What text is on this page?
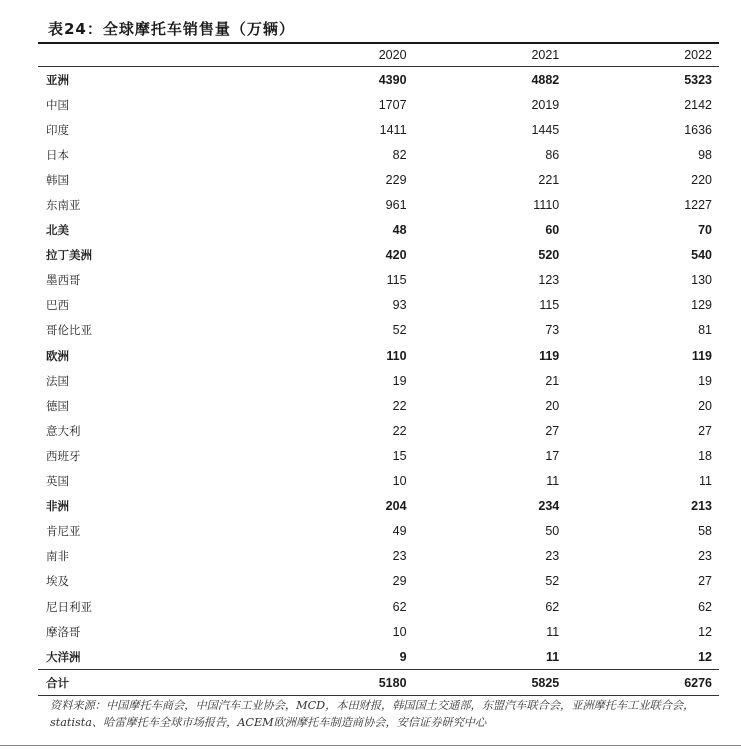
表24：全球摩托车销售量（万辆）
	2020	2021	2022
亚洲	4390	4882	5323
中国	1707	2019	2142
印度	1411	1445	1636
日本	82	86	98
韩国	229	221	220
东南亚	961	1110	1227
北美	48	60	70
拉丁美洲	420	520	540
墨西哥	115	123	130
巴西	93	115	129
哥伦比亚	52	73	81
欧洲	110	119	119
法国	19	21	19
德国	22	20	20
意大利	22	27	27
西班牙	15	17	18
英国	10	11	11
非洲	204	234	213
肯尼亚	49	50	58
南非	23	23	23
埃及	29	52	27
尼日利亚	62	62	62
摩洛哥	10	11	12
大洋洲	9	11	12
合计	5180	5825	6276
资料来源：中国摩托车商会，中国汽车工业协会，MCD，本田财报，韩国国土交通部，东盟汽车联合会，亚洲摩托车工业联合会，statista、哈雷摩托车全球市场报告，ACEM欧洲摩托车制造商协会，安信证券研究中心
